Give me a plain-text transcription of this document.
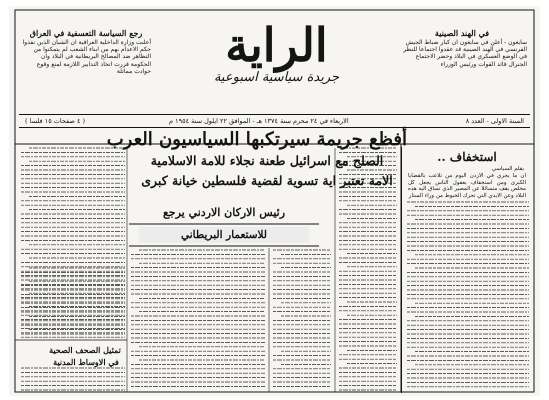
رجع السياسة التعسفية في العراق
أعلنت وزارة الداخلية العراقية ان الشبان الذين نفذوا حكم الاعدام بهم من ابناء الشعب لم يتمكنوا من التظاهر ضد المصالح البريطانية في البلاد وان الحكومة قررت اتخاذ التدابير اللازمة لمنع وقوع حوادث مماثلة	الراية
جريدة سياسية اسبوعية
في الهند الصينية
سايغون - أعلن في سايغون ان كبار ضباط الجيش الفرنسي في الهند الصينية قد عقدوا اجتماعا للنظر في الوضع العسكري في البلاد وحضر الاجتماع الجنرال قائد القوات ورئيس الوزراء
( ٤ صفحات ١٥ فلسا )	الاربعاء في ٢٤ محرم سنة ١٣٧٤ هـ - الموافق ٢٢ ايلول سنة ١٩٥٤ م	السنة الاولى - العدد ٨
أفظع جريمة سيرتكبها السياسيون العرب
الصلح مع اسرائيل طعنة نجلاء للامة الاسلامية
الامة تعتبر اية تسوية لقضية فلسطين خيانة كبرى
استخفاف ..
بقلم السياسي
ان ما يجري في الاردن اليوم من تلاعب بالقضايا الكبرى ومن استخفاف بعقول الناس يجعل كل مخلص يقف متسائلا عن المصير الذي تساق اليه هذه البلاد وعن الايدي التي تحرك الخيوط من وراء الستار
رئيس الاركان الاردني يرجع
للاستعمار البريطاني
تمثيل الصحف الصحية
في الاوساط المدنية
